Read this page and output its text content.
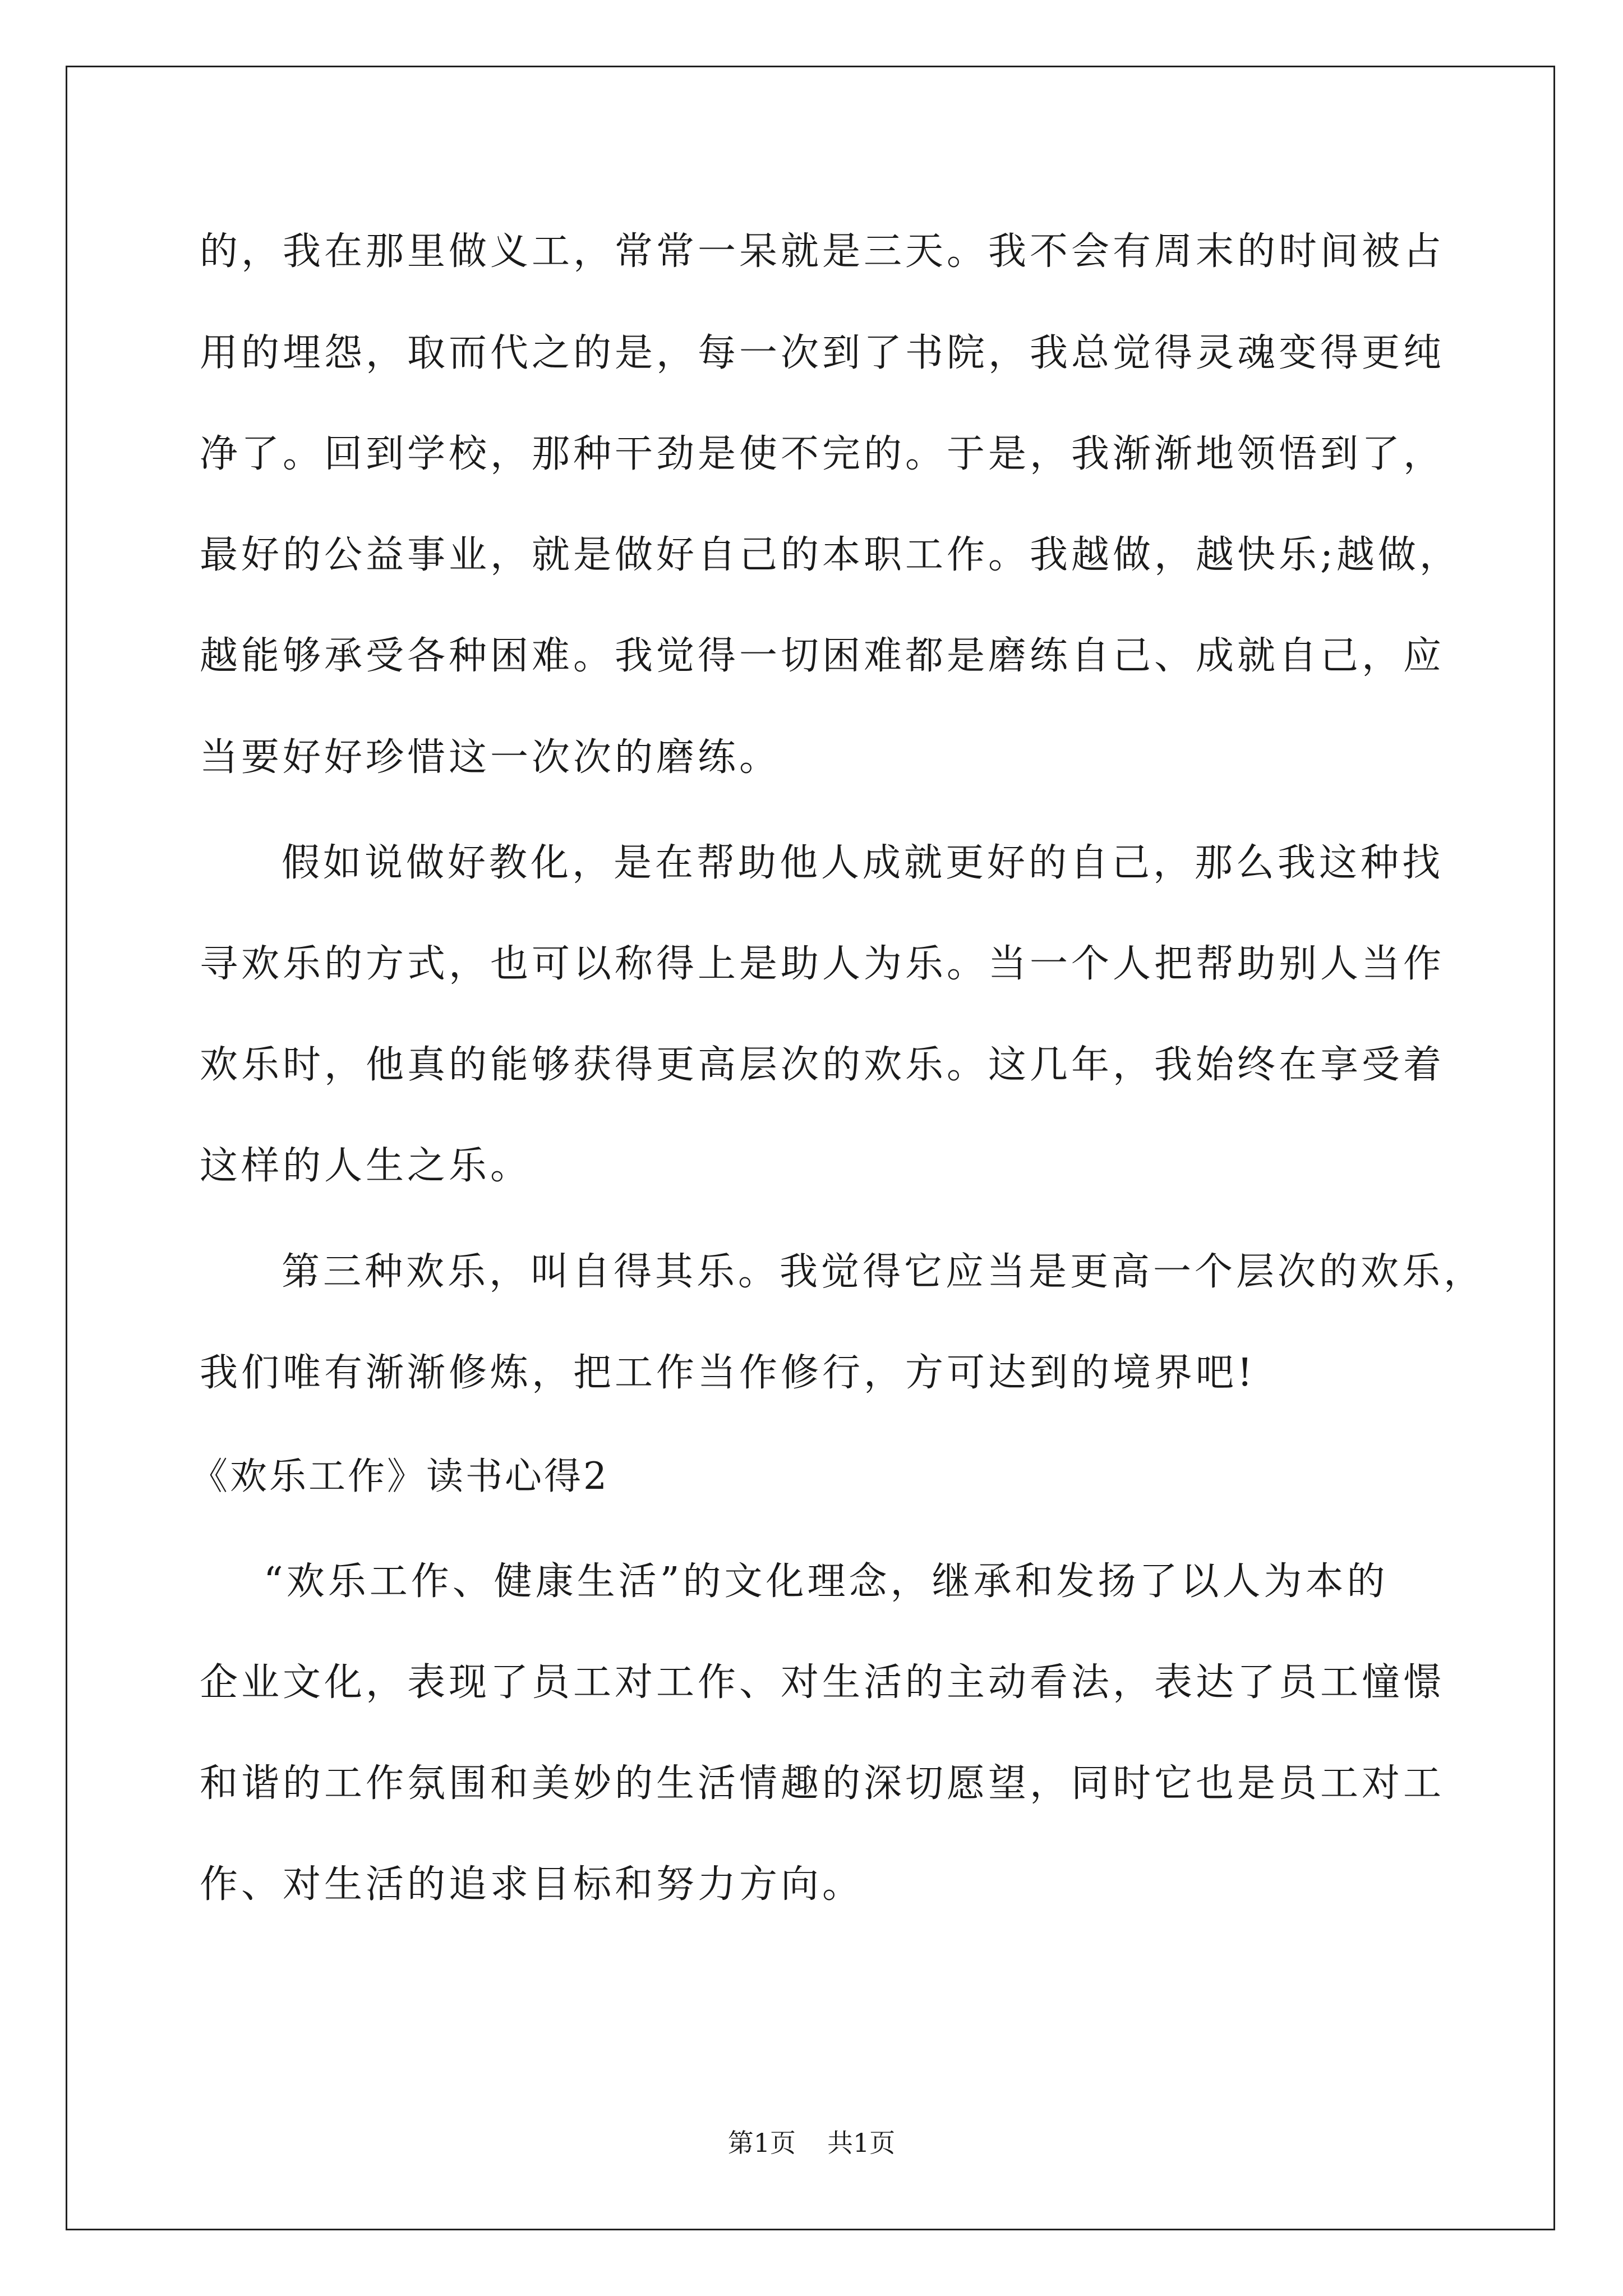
的，我在那里做义工，常常一呆就是三天。我不会有周末的时间被占
用的埋怨，取而代之的是，每一次到了书院，我总觉得灵魂变得更纯
净了。回到学校，那种干劲是使不完的。于是，我渐渐地领悟到了，
最好的公益事业，就是做好自己的本职工作。我越做，越快乐;越做，
越能够承受各种困难。我觉得一切困难都是磨练自己、成就自己，应
当要好好珍惜这一次次的磨练。
假如说做好教化，是在帮助他人成就更好的自己，那么我这种找
寻欢乐的方式，也可以称得上是助人为乐。当一个人把帮助别人当作
欢乐时，他真的能够获得更高层次的欢乐。这几年，我始终在享受着
这样的人生之乐。
第三种欢乐，叫自得其乐。我觉得它应当是更高一个层次的欢乐，
我们唯有渐渐修炼，把工作当作修行，方可达到的境界吧!
《欢乐工作》读书心得2
“欢乐工作、健康生活”的文化理念，继承和发扬了以人为本的
企业文化，表现了员工对工作、对生活的主动看法，表达了员工憧憬
和谐的工作氛围和美妙的生活情趣的深切愿望，同时它也是员工对工
作、对生活的追求目标和努力方向。
第1页 共1页
